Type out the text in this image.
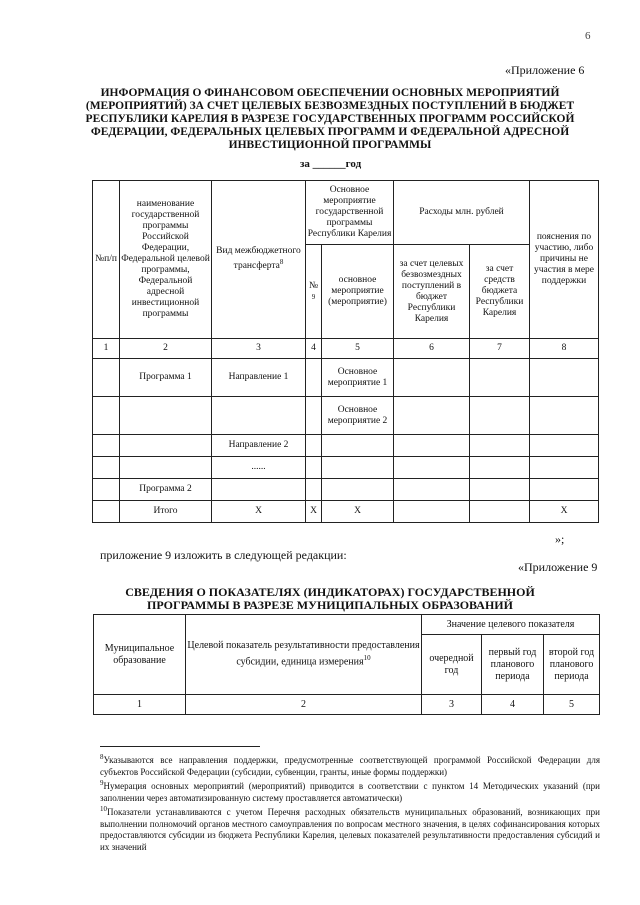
6
«Приложение 6
ИНФОРМАЦИЯ О ФИНАНСОВОМ ОБЕСПЕЧЕНИИ ОСНОВНЫХ МЕРОПРИЯТИЙ (МЕРОПРИЯТИЙ) ЗА СЧЕТ ЦЕЛЕВЫХ БЕЗВОЗМЕЗДНЫХ ПОСТУПЛЕНИЙ В БЮДЖЕТ РЕСПУБЛИКИ КАРЕЛИЯ В РАЗРЕЗЕ ГОСУДАРСТВЕННЫХ ПРОГРАММ РОССИЙСКОЙ ФЕДЕРАЦИИ, ФЕДЕРАЛЬНЫХ ЦЕЛЕВЫХ ПРОГРАММ И ФЕДЕРАЛЬНОЙ АДРЕСНОЙ ИНВЕСТИЦИОННОЙ ПРОГРАММЫ
за ______год
№п/п	наименование государственной программы Российской Федерации, Федеральной целевой программы, Федеральной адресной инвестиционной программы	Вид межбюджетного трансферта$^8$	Основное мероприятие государственной программы Республики Карелия		Расходы млн. рублей		пояснения по участию, либо причины не участия в мере поддержки
			№
9	основное мероприятие (мероприятие)	за счет целевых безвозмездных поступлений в бюджет Республики Карелия	за счет средств бюджета Республики Карелия	
1	2	3	4	5	6	7	8
	Программа 1	Направление 1		Основное мероприятие 1			
				Основное мероприятие 2			
		Направление 2					
		......					
	Программа 2						
	Итого	X	X	X			X
»;
приложение 9 изложить в следующей редакции:
«Приложение 9
СВЕДЕНИЯ О ПОКАЗАТЕЛЯХ (ИНДИКАТОРАХ) ГОСУДАРСТВЕННОЙ ПРОГРАММЫ В РАЗРЕЗЕ МУНИЦИПАЛЬНЫХ ОБРАЗОВАНИЙ
Муниципальное образование	Целевой показатель результативности предоставления субсидии, единица измерения$^{10}$	Значение целевого показателя		
		очередной год	первый год планового периода	второй год планового периода
1	2	3	4	5
$^8$Указываются все направления поддержки, предусмотренные соответствующей программой Российской Федерации для субъектов Российской Федерации (субсидии, субвенции, гранты, иные формы поддержки)
$^9$Нумерация основных мероприятий (мероприятий) приводится в соответствии с пунктом 14 Методических указаний (при заполнении через автоматизированную систему проставляется автоматически)
$^{10}$Показатели устанавливаются с учетом Перечня расходных обязательств муниципальных образований, возникающих при выполнении полномочий органов местного самоуправления по вопросам местного значения, в целях софинансирования которых предоставляются субсидии из бюджета Республики Карелия, целевых показателей результативности предоставления субсидий и их значений
